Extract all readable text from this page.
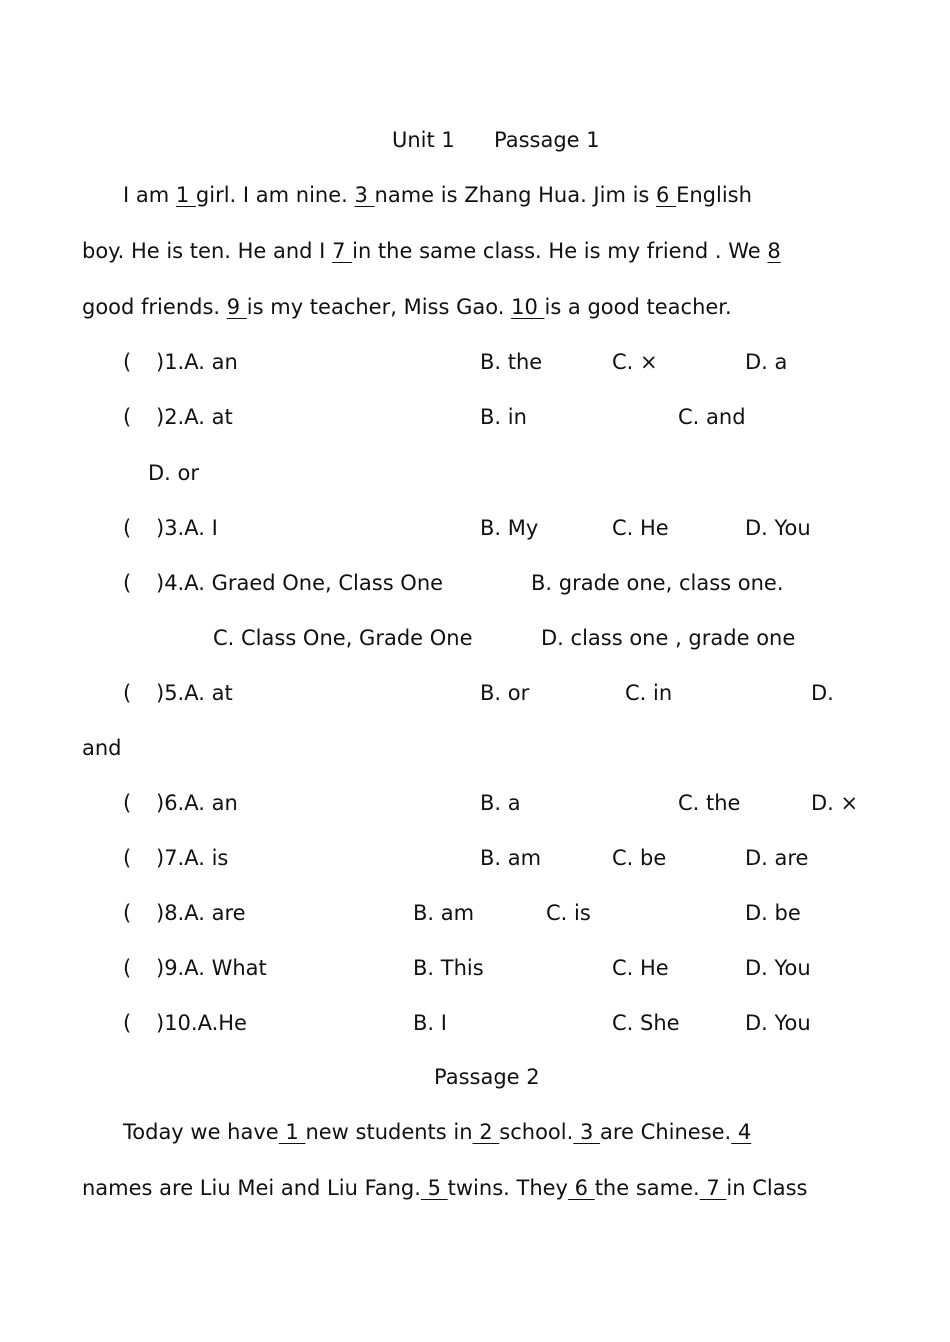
Unit 1 Passage 1
I am 1 girl. I am nine. 3 name is Zhang Hua. Jim is 6 English
boy. He is ten. He and I 7 in the same class. He is my friend . We 8
good friends. 9 is my teacher, Miss Gao. 10 is a good teacher.
( )1.A. an	B. the	C. ×	D. a
( )2.A. at	B. in	C. and
D. or
( )3.A. I	B. My	C. He	D. You
( )4.A. Graed One, Class One	B. grade one, class one.
C. Class One, Grade One	D. class one , grade one
( )5.A. at	B. or	C. in	D.
and
( )6.A. an	B. a	C. the	D. ×
( )7.A. is	B. am	C. be	D. are
( )8.A. are	B. am	C. is	D. be
( )9.A. What	B. This	C. He	D. You
( )10.A.He	B. I	C. She	D. You
Passage 2
Today we have 1 new students in 2 school. 3 are Chinese. 4
names are Liu Mei and Liu Fang. 5 twins. They 6 the same. 7 in Class
